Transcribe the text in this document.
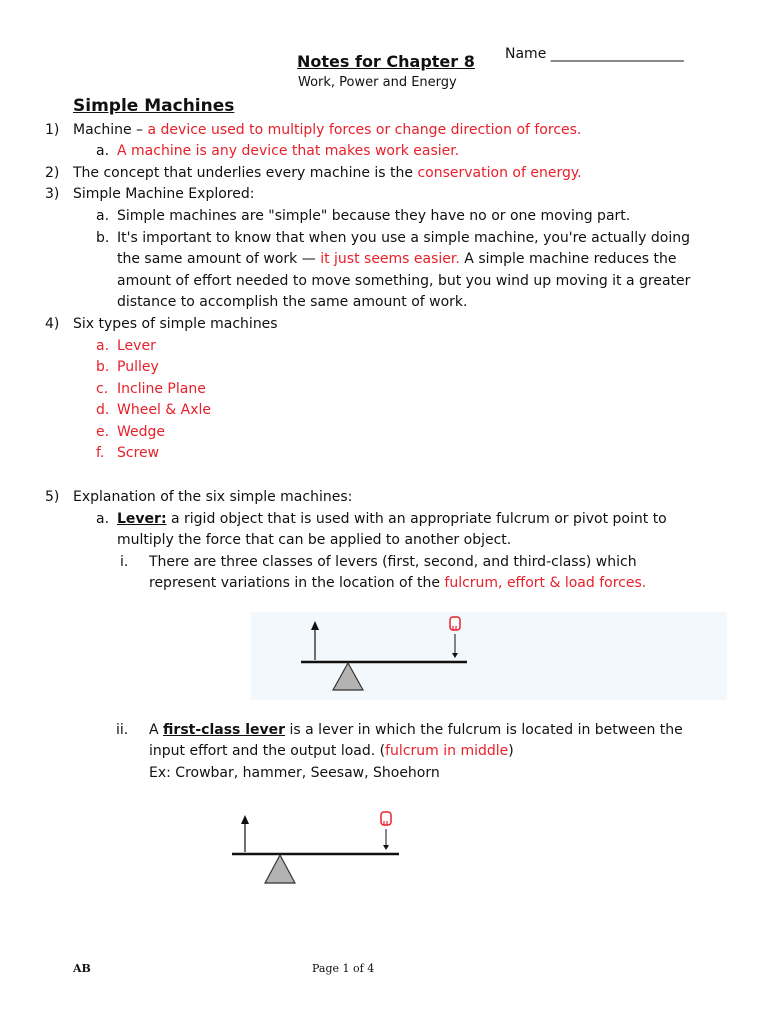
Notes for Chapter 8 Name ___________________
Work, Power and Energy
Simple Machines
1) Machine – a device used to multiply forces or change direction of forces.
a. A machine is any device that makes work easier.
2) The concept that underlies every machine is the conservation of energy.
3) Simple Machine Explored:
a. Simple machines are "simple" because they have no or one moving part.
b. It's important to know that when you use a simple machine, you're actually doing
the same amount of work — it just seems easier. A simple machine reduces the
amount of effort needed to move something, but you wind up moving it a greater
distance to accomplish the same amount of work.
4) Six types of simple machines
a. Lever
b. Pulley
c. Incline Plane
d. Wheel & Axle
e. Wedge
f. Screw
5) Explanation of the six simple machines:
a. Lever: a rigid object that is used with an appropriate fulcrum or pivot point to
multiply the force that can be applied to another object.
i. There are three classes of levers (first, second, and third-class) which
represent variations in the location of the fulcrum, effort & load forces.
ii. A first-class lever is a lever in which the fulcrum is located in between the
input effort and the output load. (fulcrum in middle)
Ex: Crowbar, hammer, Seesaw, Shoehorn
AB	Page 1 of 4
